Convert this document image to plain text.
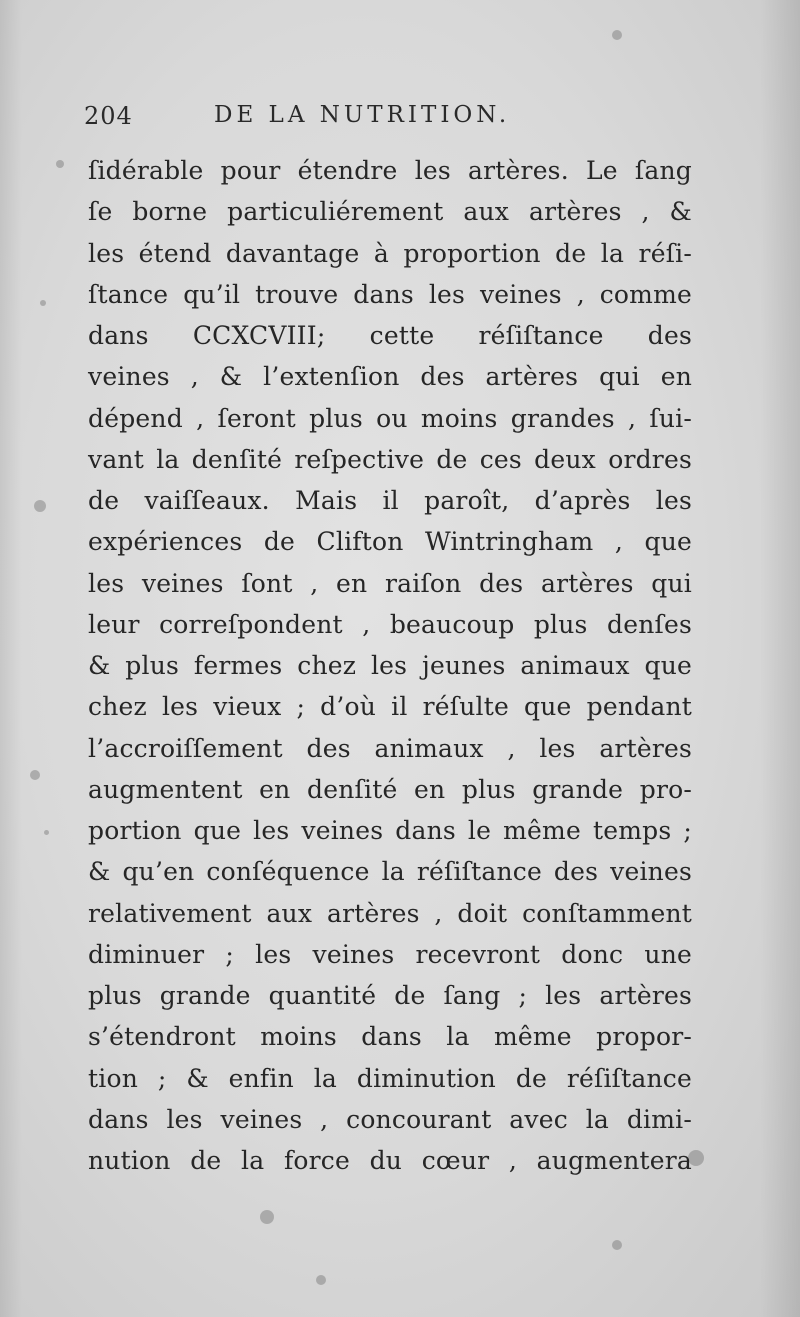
204	DE LA NUTRITION.
ſidérable pour étendre les artères. Le ſang
ſe borne particuliérement aux artères , &
les étend davantage à proportion de la réſi-
ſtance qu’il trouve dans les veines , comme
dans CCXCVIII; cette réſiſtance des
veines , & l’extenſion des artères qui en
dépend , ſeront plus ou moins grandes , ſui-
vant la denſité reſpective de ces deux ordres
de vaiſſeaux. Mais il paroît, d’après les
expériences de Clifton Wintringham , que
les veines ſont , en raiſon des artères qui
leur correſpondent , beaucoup plus denſes
& plus fermes chez les jeunes animaux que
chez les vieux ; d’où il réſulte que pendant
l’accroiſſement des animaux , les artères
augmentent en denſité en plus grande pro-
portion que les veines dans le même temps ;
& qu’en conſéquence la réſiſtance des veines
relativement aux artères , doit conſtamment
diminuer ; les veines recevront donc une
plus grande quantité de ſang ; les artères
s’étendront moins dans la même propor-
tion ; & enfin la diminution de réſiſtance
dans les veines , concourant avec la dimi-
nution de la force du cœur , augmentera
